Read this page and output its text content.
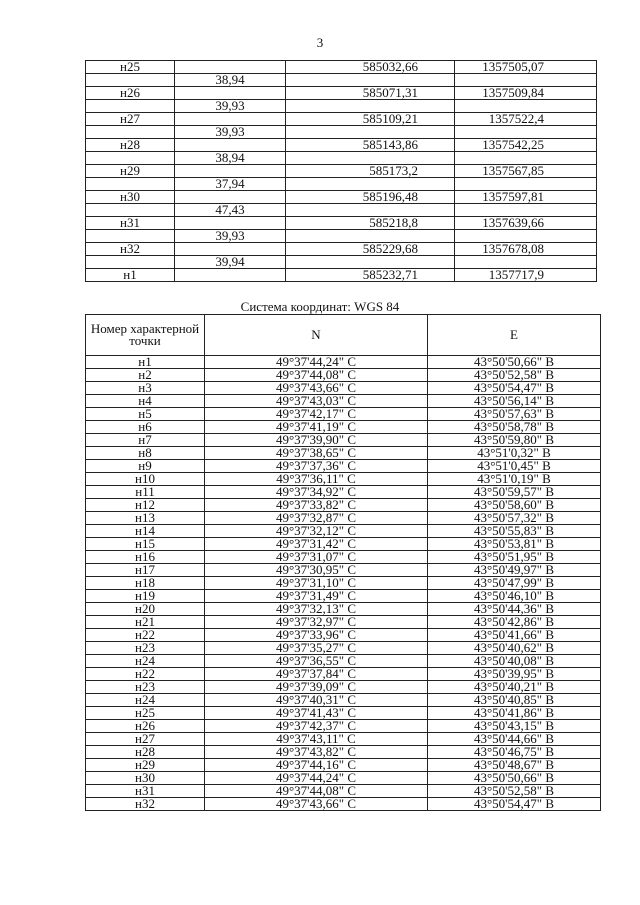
3
н25		585032,66	1357505,07
	38,94		
н26		585071,31	1357509,84
	39,93		
н27		585109,21	1357522,4
	39,93		
н28		585143,86	1357542,25
	38,94		
н29		585173,2	1357567,85
	37,94		
н30		585196,48	1357597,81
	47,43		
н31		585218,8	1357639,66
	39,93		
н32		585229,68	1357678,08
	39,94		
н1		585232,71	1357717,9
Система координат: WGS 84
Номер характерной точки	N	E
н1	49°37'44,24" С	43°50'50,66" В
н2	49°37'44,08" С	43°50'52,58" В
н3	49°37'43,66" С	43°50'54,47" В
н4	49°37'43,03" С	43°50'56,14" В
н5	49°37'42,17" С	43°50'57,63" В
н6	49°37'41,19" С	43°50'58,78" В
н7	49°37'39,90" С	43°50'59,80" В
н8	49°37'38,65" С	43°51'0,32" В
н9	49°37'37,36" С	43°51'0,45" В
н10	49°37'36,11" С	43°51'0,19" В
н11	49°37'34,92" С	43°50'59,57" В
н12	49°37'33,82" С	43°50'58,60" В
н13	49°37'32,87" С	43°50'57,32" В
н14	49°37'32,12" С	43°50'55,83" В
н15	49°37'31,42" С	43°50'53,81" В
н16	49°37'31,07" С	43°50'51,95" В
н17	49°37'30,95" С	43°50'49,97" В
н18	49°37'31,10" С	43°50'47,99" В
н19	49°37'31,49" С	43°50'46,10" В
н20	49°37'32,13" С	43°50'44,36" В
н21	49°37'32,97" С	43°50'42,86" В
н22	49°37'33,96" С	43°50'41,66" В
н23	49°37'35,27" С	43°50'40,62" В
н24	49°37'36,55" С	43°50'40,08" В
н22	49°37'37,84" С	43°50'39,95" В
н23	49°37'39,09" С	43°50'40,21" В
н24	49°37'40,31" С	43°50'40,85" В
н25	49°37'41,43" С	43°50'41,86" В
н26	49°37'42,37" С	43°50'43,15" В
н27	49°37'43,11" С	43°50'44,66" В
н28	49°37'43,82" С	43°50'46,75" В
н29	49°37'44,16" С	43°50'48,67" В
н30	49°37'44,24" С	43°50'50,66" В
н31	49°37'44,08" С	43°50'52,58" В
н32	49°37'43,66" С	43°50'54,47" В
